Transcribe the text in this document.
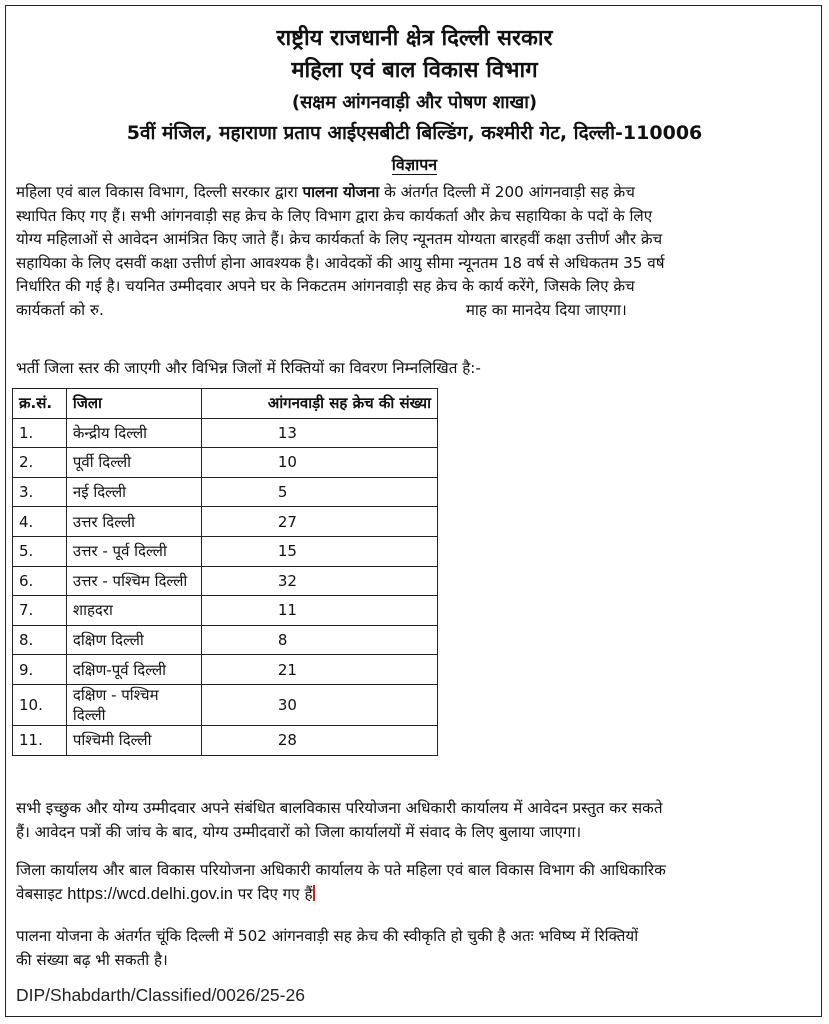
राष्ट्रीय राजधानी क्षेत्र दिल्ली सरकार
महिला एवं बाल विकास विभाग
(सक्षम आंगनवाड़ी और पोषण शाखा)
5वीं मंजिल, महाराणा प्रताप आईएसबीटी बिल्डिंग, कश्मीरी गेट, दिल्ली-110006
विज्ञापन
महिला एवं बाल विकास विभाग, दिल्ली सरकार द्वारा पालना योजना के अंतर्गत दिल्ली में 200 आंगनवाड़ी सह क्रेच
स्थापित किए गए हैं। सभी आंगनवाड़ी सह क्रेच के लिए विभाग द्वारा क्रेच कार्यकर्ता और क्रेच सहायिका के पदों के लिए
योग्य महिलाओं से आवेदन आमंत्रित किए जाते हैं। क्रेच कार्यकर्ता के लिए न्यूनतम योग्यता बारहवीं कक्षा उत्तीर्ण और क्रेच
सहायिका के लिए दसवीं कक्षा उत्तीर्ण होना आवश्यक है। आवेदकों की आयु सीमा न्यूनतम 18 वर्ष से अधिकतम 35 वर्ष
निर्धारित की गई है। चयनित उम्मीदवार अपने घर के निकटतम आंगनवाड़ी सह क्रेच के कार्य करेंगे, जिसके लिए क्रेच
कार्यकर्ता को रु.	माह का मानदेय दिया जाएगा।
भर्ती जिला स्तर की जाएगी और विभिन्न जिलों में रिक्तियों का विवरण निम्नलिखित है:-
क्र.सं.	जिला	आंगनवाड़ी सह क्रेच की संख्या
1.	केन्द्रीय दिल्ली	13
2.	पूर्वी दिल्ली	10
3.	नई दिल्ली	5
4.	उत्तर दिल्ली	27
5.	उत्तर - पूर्व दिल्ली	15
6.	उत्तर - पश्चिम दिल्ली	32
7.	शाहदरा	11
8.	दक्षिण दिल्ली	8
9.	दक्षिण-पूर्व दिल्ली	21
10.	दक्षिण - पश्चिम दिल्ली	30
11.	पश्चिमी दिल्ली	28
सभी इच्छुक और योग्य उम्मीदवार अपने संबंधित बालविकास परियोजना अधिकारी कार्यालय में आवेदन प्रस्तुत कर सकते
हैं। आवेदन पत्रों की जांच के बाद, योग्य उम्मीदवारों को जिला कार्यालयों में संवाद के लिए बुलाया जाएगा।
जिला कार्यालय और बाल विकास परियोजना अधिकारी कार्यालय के पते महिला एवं बाल विकास विभाग की आधिकारिक
वेबसाइट https://wcd.delhi.gov.in पर दिए गए हैं
पालना योजना के अंतर्गत चूंकि दिल्ली में 502 आंगनवाड़ी सह क्रेच की स्वीकृति हो चुकी है अतः भविष्य में रिक्तियों
की संख्या बढ़ भी सकती है।
DIP/Shabdarth/Classified/0026/25-26
